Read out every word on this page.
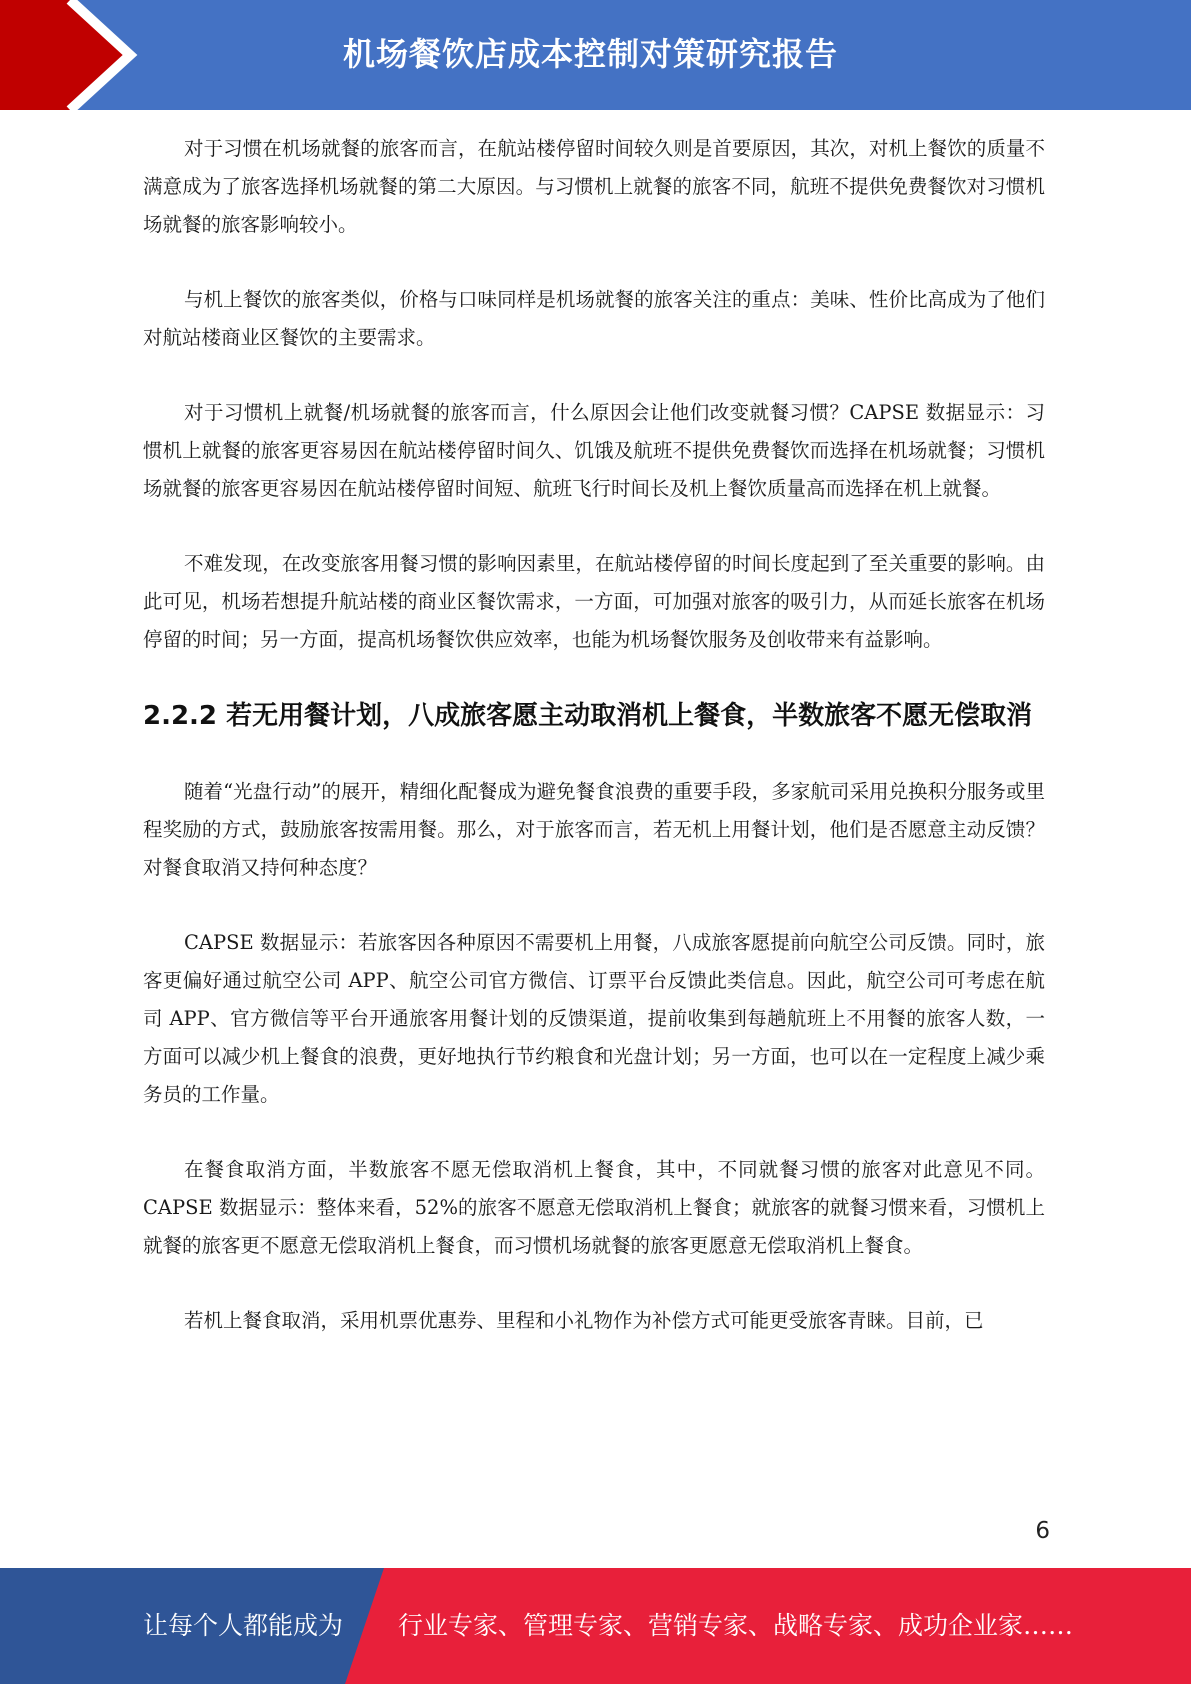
机场餐饮店成本控制对策研究报告

对于习惯在机场就餐的旅客而言，在航站楼停留时间较久则是首要原因，其次，对机上餐饮的质量不满意成为了旅客选择机场就餐的第二大原因。与习惯机上就餐的旅客不同，航班不提供免费餐饮对习惯机场就餐的旅客影响较小。

与机上餐饮的旅客类似，价格与口味同样是机场就餐的旅客关注的重点：美味、性价比高成为了他们对航站楼商业区餐饮的主要需求。

对于习惯机上就餐/机场就餐的旅客而言，什么原因会让他们改变就餐习惯？CAPSE 数据显示：习惯机上就餐的旅客更容易因在航站楼停留时间久、饥饿及航班不提供免费餐饮而选择在机场就餐；习惯机场就餐的旅客更容易因在航站楼停留时间短、航班飞行时间长及机上餐饮质量高而选择在机上就餐。

不难发现，在改变旅客用餐习惯的影响因素里，在航站楼停留的时间长度起到了至关重要的影响。由此可见，机场若想提升航站楼的商业区餐饮需求，一方面，可加强对旅客的吸引力，从而延长旅客在机场停留的时间；另一方面，提高机场餐饮供应效率，也能为机场餐饮服务及创收带来有益影响。

2.2.2 若无用餐计划，八成旅客愿主动取消机上餐食，半数旅客不愿无偿取消

随着“光盘行动”的展开，精细化配餐成为避免餐食浪费的重要手段，多家航司采用兑换积分服务或里程奖励的方式，鼓励旅客按需用餐。那么，对于旅客而言，若无机上用餐计划，他们是否愿意主动反馈？对餐食取消又持何种态度？

CAPSE 数据显示：若旅客因各种原因不需要机上用餐，八成旅客愿提前向航空公司反馈。同时，旅客更偏好通过航空公司 APP、航空公司官方微信、订票平台反馈此类信息。因此，航空公司可考虑在航司 APP、官方微信等平台开通旅客用餐计划的反馈渠道，提前收集到每趟航班上不用餐的旅客人数，一方面可以减少机上餐食的浪费，更好地执行节约粮食和光盘计划；另一方面，也可以在一定程度上减少乘务员的工作量。

在餐食取消方面，半数旅客不愿无偿取消机上餐食，其中，不同就餐习惯的旅客对此意见不同。CAPSE 数据显示：整体来看，52%的旅客不愿意无偿取消机上餐食；就旅客的就餐习惯来看，习惯机上就餐的旅客更不愿意无偿取消机上餐食，而习惯机场就餐的旅客更愿意无偿取消机上餐食。

若机上餐食取消，采用机票优惠券、里程和小礼物作为补偿方式可能更受旅客青睐。目前，已

6
让每个人都能成为 行业专家、管理专家、营销专家、战略专家、成功企业家……
